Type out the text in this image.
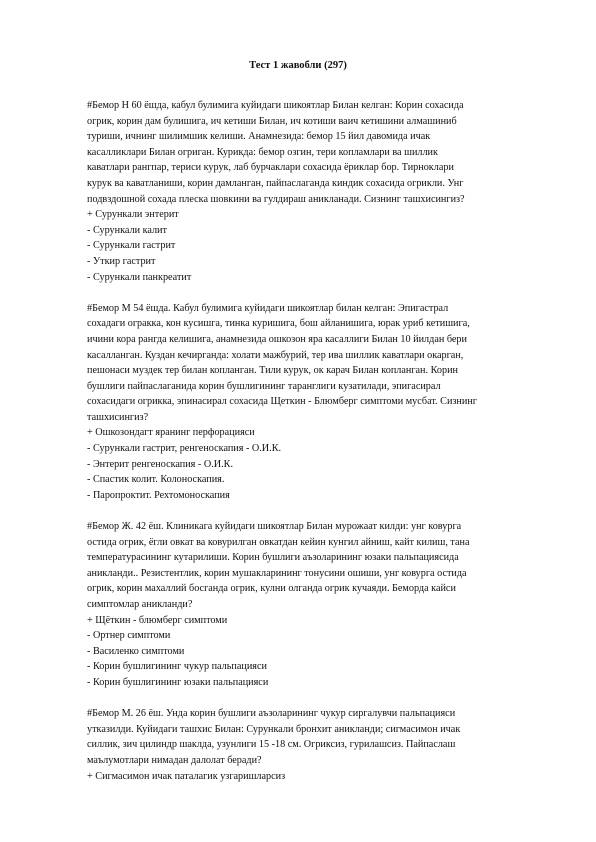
Тест 1 жавобли (297)

#Бемор Н 60 ёшда, кабул булимига куйидаги шикоятлар Билан келган: Корин сохасида
огрик, корин дам булишига, ич кетиши Билан, ич котиши ваич кетишини алмашиниб
туриши, ичнинг шилимшик келиши. Анамнезида: бемор 15 йил давомида ичак
касалликлари Билан огриган. Курикда: бемор озгин, тери копламлари ва шиллик
каватлари рангпар, териси курук, лаб бурчаклари сохасида ёриклар бор. Тирноклари
курук ва каватланиши, корин дамланган, пайпаслаганда киндик сохасида огрикли. Унг
подвздошной сохада плеска шовкини ва гулдираш аникланади. Сизнинг ташхисингиз?

+ Сурункали энтерит
- Сурункали калит
- Сурункали гастрит
- Уткир гастрит
- Сурункали панкреатит

#Бемор М 54 ёшда. Кабул булимига куйидаги шикоятлар билан келган: Эпигастрал
сохадаги огракка, кон кусишга, тинка куришига, бош айланишига, юрак уриб кетишига,
ичини кора рангда келишига, анамнезида ошкозон яра касаллиги Билан 10 йилдан бери
касалланган. Куздан кечирганда: холати мажбурий, тер ива шиллик каватлари окарган,
пешонаси муздек тер билан копланган. Тили курук, ок карач Билан копланган. Корин
бушлиги пайпаслаганида корин бушлигининг таранглиги кузатилади, эпигасирал
сохасидаги огрикка, эпинасирал сохасида Щеткин - Блюмберг симптоми мусбат. Сизнинг
ташхисингиз?

+ Ошкозондагт яранинг перфорацияси
- Сурункали гастрит, ренгеноскапия - О.И.К.
- Энтерит ренгеноскапия - О.И.К.
- Спастик колит. Колоноскапия.
- Паропроктит. Рехтомоноскапия

#Бемор Ж. 42 ёш. Клиникага куйидаги шикоятлар Билан мурожаат килди: унг ковурга
остида огрик, ёгли овкат ва ковурилган овкатдан кейин кунгил айниш, кайт килиш, тана
температурасининг кутарилиши. Корин бушлиги аъзоларининг юзаки пальпациясида
аникланди.. Резистентлик, корин мушакларининг тонусини ошиши, унг ковурга остида
огрик, корин махаллий босганда огрик, кулни олганда огрик кучаяди. Беморда кайси
симптомлар аникланди?

+ Щёткин - блюмберг симптоми
- Ортнер симптоми
- Василенко симптоми
- Корин бушлигининг чукур пальпацияси
- Корин бушлигининг юзаки пальпацияси

#Бемор М. 26 ёш. Унда корин бушлиги аъзоларининг чукур сиргалувчи пальпацияси
утказилди. Куйидаги ташхис Билан: Сурункали бронхит аникланди; сигмасимон ичак
силлик, зич цилиндр шаклда, узунлиги 15 -18 см. Огриксиз, гурилашсиз. Пайпаслаш
маълумотлари нимадан далолат беради?

+ Сигмасимон ичак паталагик узгаришларсиз
